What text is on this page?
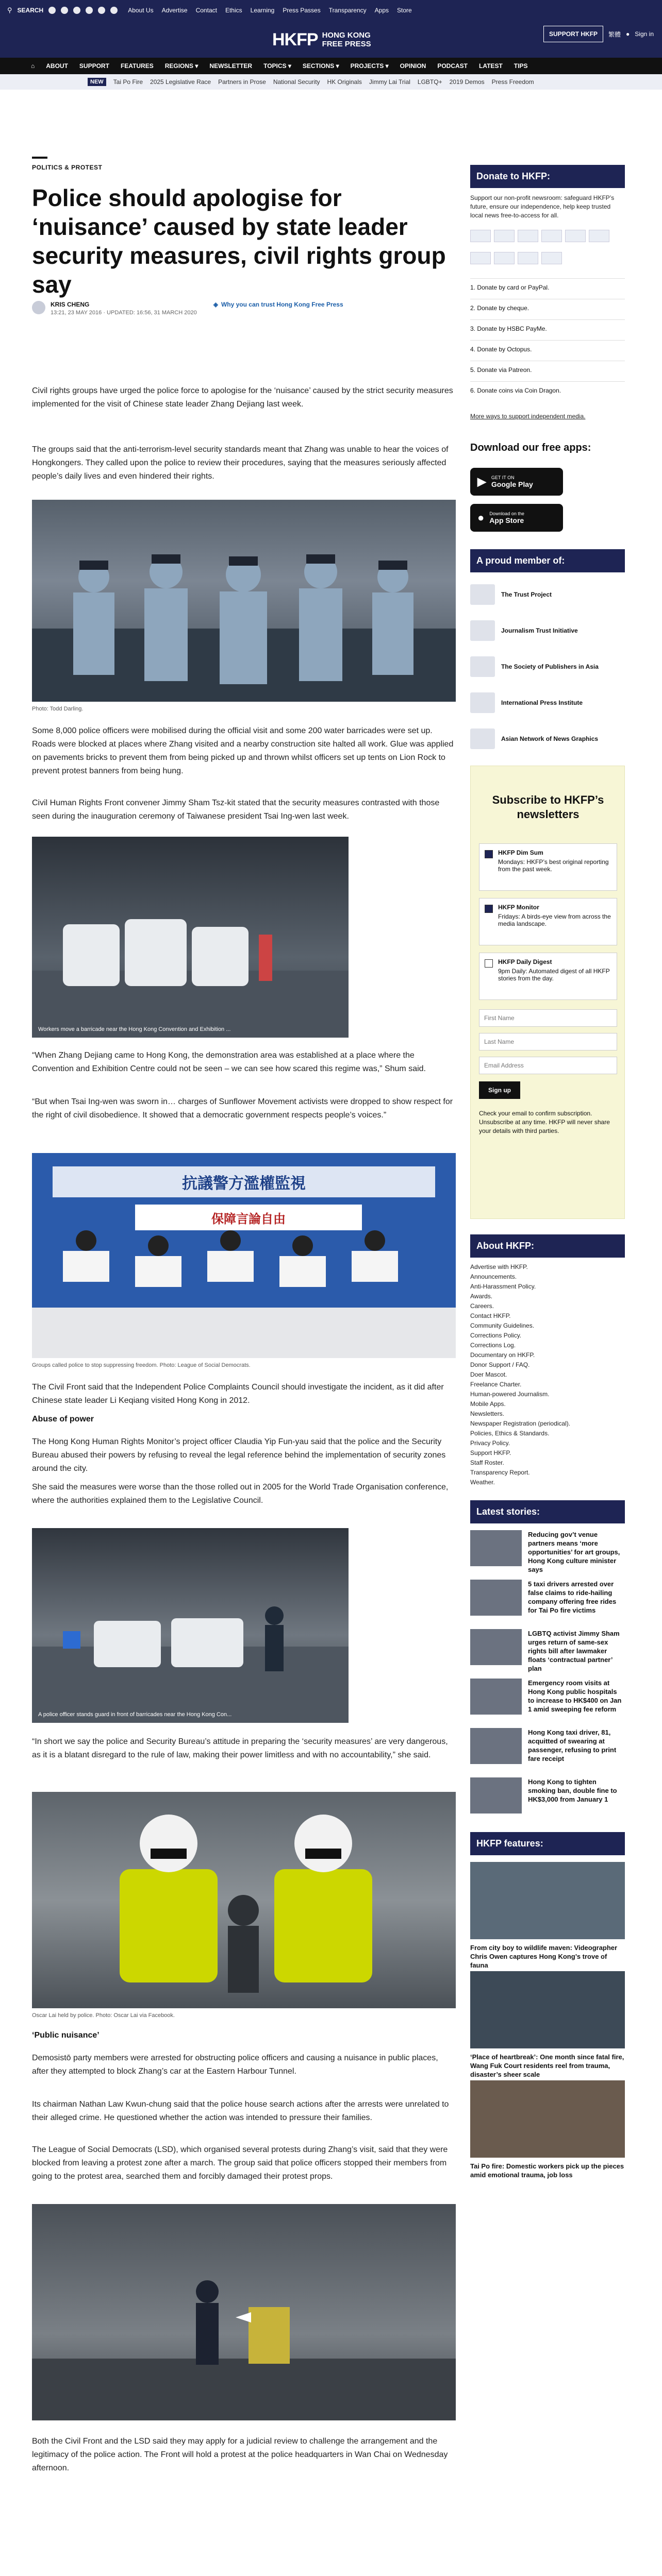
⚲ SEARCH	About Us Advertise Contact Ethics Learning Press Passes Transparency Apps Store
HKFP HONG KONG
FREE PRESS
SUPPORT HKFP	繁體 ● Sign in
⌂ ABOUT SUPPORT FEATURES REGIONS ▾ NEWSLETTER TOPICS ▾ SECTIONS ▾ PROJECTS ▾ OPINION PODCAST LATEST TIPS
NEW	Tai Po Fire 2025 Legislative Race Partners in Prose National Security HK Originals Jimmy Lai Trial LGBTQ+ 2019 Demos Press Freedom
POLITICS & PROTEST
Police should apologise for ‘nuisance’ caused by state leader security measures, civil rights group say
KRIS CHENG
13:21, 23 MAY 2016 · UPDATED: 16:56, 31 MARCH 2020
◈ Why you can trust Hong Kong Free Press

Civil rights groups have urged the police force to apologise for the ‘nuisance’ caused by the strict security measures implemented for the visit of Chinese state leader Zhang Dejiang last week.

The groups said that the anti-terrorism-level security standards meant that Zhang was unable to hear the voices of Hongkongers. They called upon the police to review their procedures, saying that the measures seriously affected people’s daily lives and even hindered their rights.

Photo: Todd Darling.

Some 8,000 police officers were mobilised during the official visit and some 200 water barricades were set up. Roads were blocked at places where Zhang visited and a nearby construction site halted all work. Glue was applied on pavements bricks to prevent them from being picked up and thrown whilst officers set up tents on Lion Rock to prevent protest banners from being hung.

Civil Human Rights Front convener Jimmy Sham Tsz-kit stated that the security measures contrasted with those seen during the inauguration ceremony of Taiwanese president Tsai Ing-wen last week.

Workers move a barricade near the Hong Kong Convention and Exhibition ...

“When Zhang Dejiang came to Hong Kong, the demonstration area was established at a place where the Convention and Exhibition Centre could not be seen – we can see how scared this regime was,” Shum said.

“But when Tsai Ing-wen was sworn in… charges of Sunflower Movement activists were dropped to show respect for the right of civil disobedience. It showed that a democratic government respects people’s voices.”

抗議警方濫權監視
保障言論自由
Groups called police to stop suppressing freedom. Photo: League of Social Democrats.

The Civil Front said that the Independent Police Complaints Council should investigate the incident, as it did after Chinese state leader Li Keqiang visited Hong Kong in 2012.

Abuse of power

The Hong Kong Human Rights Monitor’s project officer Claudia Yip Fun-yau said that the police and the Security Bureau abused their powers by refusing to reveal the legal reference behind the implementation of security zones around the city.

She said the measures were worse than the those rolled out in 2005 for the World Trade Organisation conference, where the authorities explained them to the Legislative Council.

A police officer stands guard in front of barricades near the Hong Kong Con...

“In short we say the police and Security Bureau’s attitude in preparing the ‘security measures’ are very dangerous, as it is a blatant disregard to the rule of law, making their power limitless and with no accountability,” she said.

Oscar Lai held by police. Photo: Oscar Lai via Facebook.
‘Public nuisance’

Demosistō party members were arrested for obstructing police officers and causing a nuisance in public places, after they attempted to block Zhang’s car at the Eastern Harbour Tunnel.

Its chairman Nathan Law Kwun-chung said that the police house search actions after the arrests were unrelated to their alleged crime. He questioned whether the action was intended to pressure their families.

The League of Social Democrats (LSD), which organised several protests during Zhang’s visit, said that they were blocked from leaving a protest zone after a march. The group said that police officers stopped their members from going to the protest area, searched them and forcibly damaged their protest props.

Both the Civil Front and the LSD said they may apply for a judicial review to challenge the arrangement and the legitimacy of the police action. The Front will hold a protest at the police headquarters in Wan Chai on Wednesday afternoon.

Donate to HKFP:
Support our non-profit newsroom: safeguard HKFP’s future, ensure our independence, help keep trusted local news free-to-access for all.
1. Donate by card or PayPal.
2. Donate by cheque.
3. Donate by HSBC PayMe.
4. Donate by Octopus.
5. Donate via Patreon.
6. Donate coins via Coin Dragon.
More ways to support independent media.
Download our free apps:
▶ GET IT ON
Google Play
● Download on the
App Store
A proud member of:
The Trust Project
Journalism Trust Initiative
The Society of Publishers in Asia
International Press Institute
Asian Network of News Graphics
Subscribe to HKFP’s newsletters
HKFP Dim Sum
Mondays: HKFP’s best original reporting from the past week.
HKFP Monitor
Fridays: A birds-eye view from across the media landscape.
HKFP Daily Digest
9pm Daily: Automated digest of all HKFP stories from the day.
First Name
Last Name
Email Address
Sign up
Check your email to confirm subscription. Unsubscribe at any time. HKFP will never share your details with third parties.
About HKFP:
Advertise with HKFP.
Announcements.
Anti-Harassment Policy.
Awards.
Careers.
Contact HKFP.
Community Guidelines.
Corrections Policy.
Corrections Log.
Documentary on HKFP.
Donor Support / FAQ.
Doer Mascot.
Freelance Charter.
Human-powered Journalism.
Mobile Apps.
Newsletters.
Newspaper Registration (periodical).
Policies, Ethics & Standards.
Privacy Policy.
Support HKFP.
Staff Roster.
Transparency Report.
Weather.
Latest stories:
Reducing gov’t venue partners means ‘more opportunities’ for art groups, Hong Kong culture minister says
5 taxi drivers arrested over false claims to ride-hailing company offering free rides for Tai Po fire victims
LGBTQ activist Jimmy Sham urges return of same-sex rights bill after lawmaker floats ‘contractual partner’ plan
Emergency room visits at Hong Kong public hospitals to increase to HK$400 on Jan 1 amid sweeping fee reform
Hong Kong taxi driver, 81, acquitted of swearing at passenger, refusing to print fare receipt
Hong Kong to tighten smoking ban, double fine to HK$3,000 from January 1
HKFP features:
From city boy to wildlife maven: Videographer Chris Owen captures Hong Kong’s trove of fauna
‘Place of heartbreak’: One month since fatal fire, Wang Fuk Court residents reel from trauma, disaster’s sheer scale
Tai Po fire: Domestic workers pick up the pieces amid emotional trauma, job loss
